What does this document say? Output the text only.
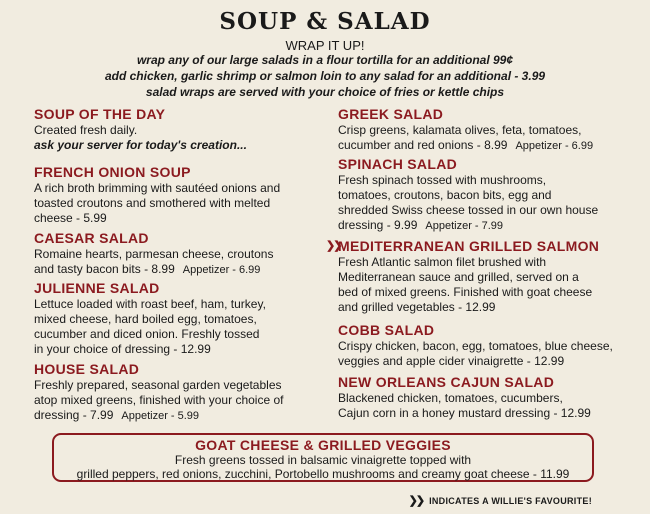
SOUP & SALAD
WRAP IT UP!
wrap any of our large salads in a flour tortilla for an additional 99¢
add chicken, garlic shrimp or salmon loin to any salad for an additional - 3.99
salad wraps are served with your choice of fries or kettle chips
SOUP OF THE DAY
Created fresh daily.
ask your server for today's creation...
FRENCH ONION SOUP
A rich broth brimming with sautéed onions and
toasted croutons and smothered with melted
cheese - 5.99
CAESAR SALAD
Romaine hearts, parmesan cheese, croutons
and tasty bacon bits - 8.99 Appetizer - 6.99
JULIENNE SALAD
Lettuce loaded with roast beef, ham, turkey,
mixed cheese, hard boiled egg, tomatoes,
cucumber and diced onion. Freshly tossed
in your choice of dressing - 12.99
HOUSE SALAD
Freshly prepared, seasonal garden vegetables
atop mixed greens, finished with your choice of
dressing - 7.99 Appetizer - 5.99
GREEK SALAD
Crisp greens, kalamata olives, feta, tomatoes,
cucumber and red onions - 8.99 Appetizer - 6.99
SPINACH SALAD
Fresh spinach tossed with mushrooms,
tomatoes, croutons, bacon bits, egg and
shredded Swiss cheese tossed in our own house
dressing - 9.99 Appetizer - 7.99
❯❯
MEDITERRANEAN GRILLED SALMON
Fresh Atlantic salmon filet brushed with
Mediterranean sauce and grilled, served on a
bed of mixed greens. Finished with goat cheese
and grilled vegetables - 12.99
COBB SALAD
Crispy chicken, bacon, egg, tomatoes, blue cheese,
veggies and apple cider vinaigrette - 12.99
NEW ORLEANS CAJUN SALAD
Blackened chicken, tomatoes, cucumbers,
Cajun corn in a honey mustard dressing - 12.99
GOAT CHEESE & GRILLED VEGGIES
Fresh greens tossed in balsamic vinaigrette topped with
grilled peppers, red onions, zucchini, Portobello mushrooms and creamy goat cheese - 11.99
❯❯ INDICATES A WILLIE'S FAVOURITE!
